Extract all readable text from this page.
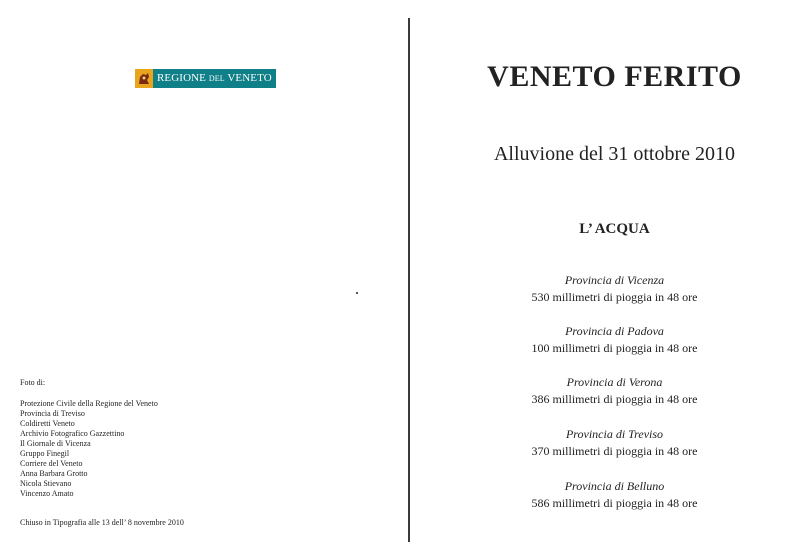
REGIONE DEL VENETO
Foto di:
Protezione Civile della Regione del Veneto
Provincia di Treviso
Coldiretti Veneto
Archivio Fotografico Gazzettino
Il Giornale di Vicenza
Gruppo Finegil
Corriere del Veneto
Anna Barbara Grotto
Nicola Stievano
Vincenzo Amato
Chiuso in Tipografia alle 13 dell’ 8 novembre 2010
VENETO FERITO
Alluvione del 31 ottobre 2010
L’ ACQUA
Provincia di Vicenza
530 millimetri di pioggia in 48 ore
Provincia di Padova
100 millimetri di pioggia in 48 ore
Provincia di Verona
386 millimetri di pioggia in 48 ore
Provincia di Treviso
370 millimetri di pioggia in 48 ore
Provincia di Belluno
586 millimetri di pioggia in 48 ore
